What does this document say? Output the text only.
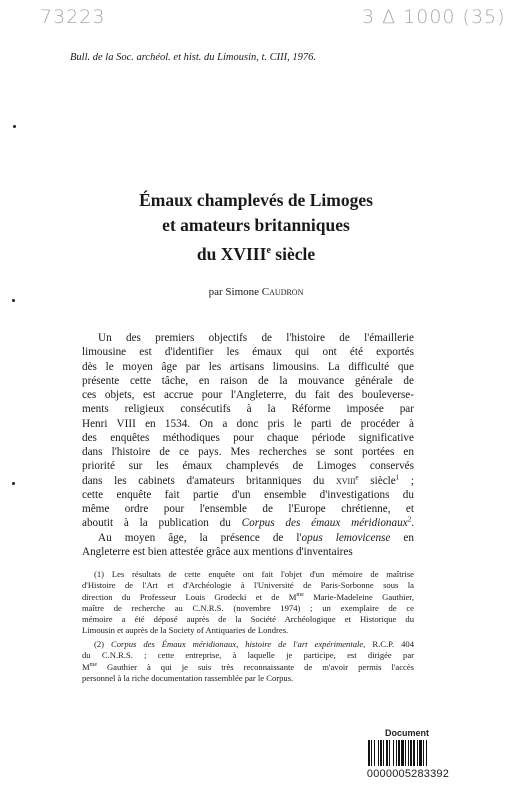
73223	3 Δ 1000 (35)
Bull. de la Soc. archéol. et hist. du Limousin, t. CIII, 1976.
Émaux champlevés de Limoges
et amateurs britanniques
du XVIIIe siècle
par Simone Caudron
Un des premiers objectifs de l'histoire de l'émaillerie
limousine est d'identifier les émaux qui ont été exportés
dès le moyen âge par les artisans limousins. La difficulté que
présente cette tâche, en raison de la mouvance générale de
ces objets, est accrue pour l'Angleterre, du fait des bouleverse-
ments religieux consécutifs à la Réforme imposée par
Henri VIII en 1534. On a donc pris le parti de procéder à
des enquêtes méthodiques pour chaque période significative
dans l'histoire de ce pays. Mes recherches se sont portées en
priorité sur les émaux champlevés de Limoges conservés
dans les cabinets d'amateurs britanniques du xviii$^e$ siècle$^1$ ;
cette enquête fait partie d'un ensemble d'investigations du
même ordre pour l'ensemble de l'Europe chrétienne, et
aboutit à la publication du Corpus des émaux méridionaux$^2$.
Au moyen âge, la présence de l'opus lemovicense en
Angleterre est bien attestée grâce aux mentions d'inventaires
(1) Les résultats de cette enquête ont fait l'objet d'un mémoire de maîtrise
d'Histoire de l'Art et d'Archéologie à l'Université de Paris-Sorbonne sous la
direction du Professeur Louis Grodecki et de $M^{me}$ Marie-Madeleine Gauthier,
maître de recherche au C.N.R.S. (novembre 1974) ; un exemplaire de ce
mémoire a été déposé auprès de la Société Archéologique et Historique du
Limousin et auprès de la Society of Antiquaries de Londres.
(2) Corpus des Émaux méridionaux, histoire de l'art expérimentale, R.C.P. 404
du C.N.R.S. ; cette entreprise, à laquelle je participe, est dirigée par
$M^{me}$ Gauthier à qui je suis très reconnaissante de m'avoir permis l'accès
personnel à la riche documentation rassemblée par le Corpus.
Document
0000005283392
